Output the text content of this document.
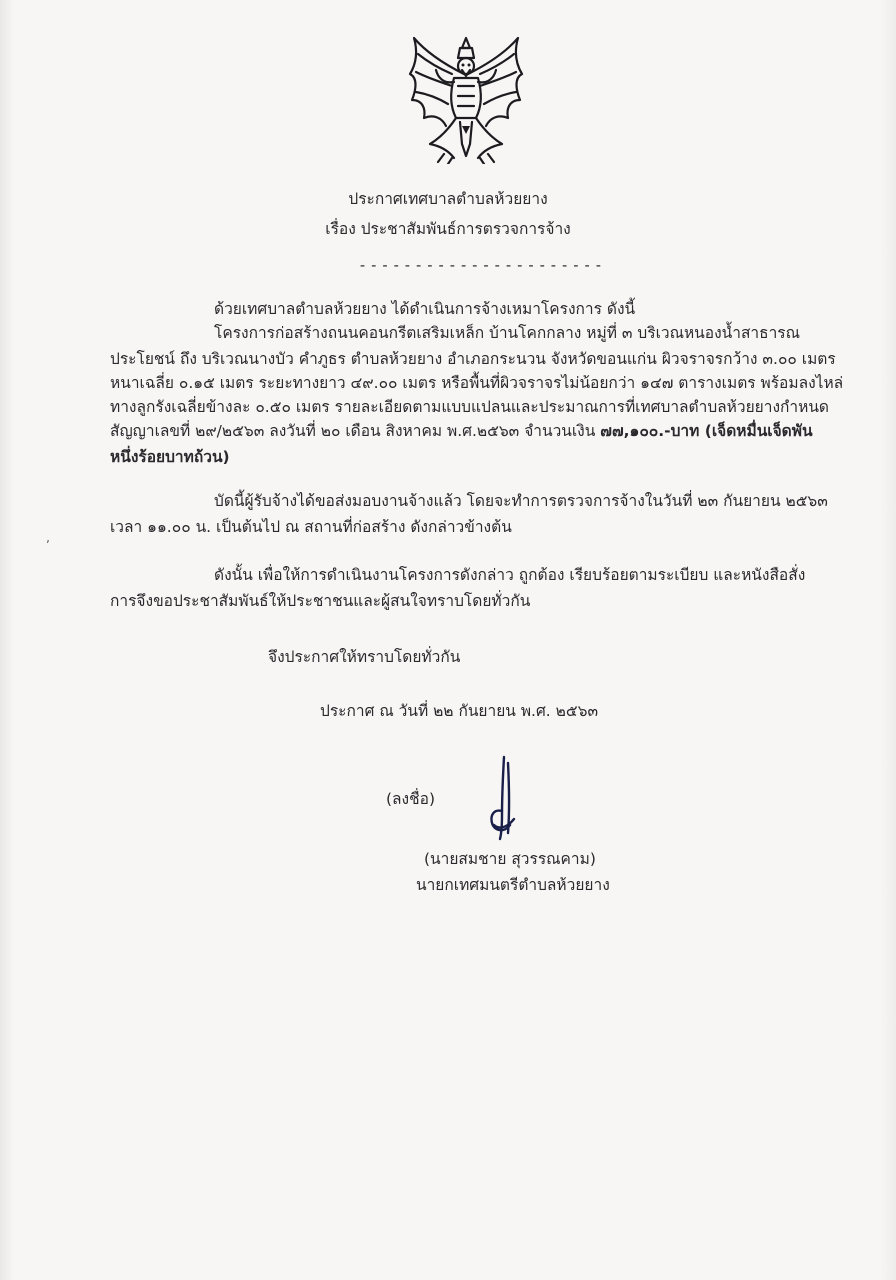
ประกาศเทศบาลตำบลห้วยยาง
เรื่อง ประชาสัมพันธ์การตรวจการจ้าง
----------------------
ด้วยเทศบาลตำบลห้วยยาง ได้ดำเนินการจ้างเหมาโครงการ ดังนี้
โครงการก่อสร้างถนนคอนกรีตเสริมเหล็ก บ้านโคกกลาง หมู่ที่ ๓ บริเวณหนองน้ำสาธารณ
ประโยชน์ ถึง บริเวณนางบัว คำภูธร ตำบลห้วยยาง อำเภอกระนวน จังหวัดขอนแก่น ผิวจราจรกว้าง ๓.๐๐ เมตร
หนาเฉลี่ย ๐.๑๕ เมตร ระยะทางยาว ๔๙.๐๐ เมตร หรือพื้นที่ผิวจราจรไม่น้อยกว่า ๑๔๗ ตารางเมตร พร้อมลงไหล่
ทางลูกรังเฉลี่ยข้างละ ๐.๕๐ เมตร รายละเอียดตามแบบแปลนและประมาณการที่เทศบาลตำบลห้วยยางกำหนด
สัญญาเลขที่ ๒๙/๒๕๖๓ ลงวันที่ ๒๐ เดือน สิงหาคม พ.ศ.๒๕๖๓ จำนวนเงิน ๗๗,๑๐๐.-บาท (เจ็ดหมื่นเจ็ดพัน
หนึ่งร้อยบาทถ้วน)
บัดนี้ผู้รับจ้างได้ขอส่งมอบงานจ้างแล้ว โดยจะทำการตรวจการจ้างในวันที่ ๒๓ กันยายน ๒๕๖๓
เวลา ๑๑.๐๐ น. เป็นต้นไป ณ สถานที่ก่อสร้าง ดังกล่าวข้างต้น
ʼ
ดังนั้น เพื่อให้การดำเนินงานโครงการดังกล่าว ถูกต้อง เรียบร้อยตามระเบียบ และหนังสือสั่ง
การจึงขอประชาสัมพันธ์ให้ประชาชนและผู้สนใจทราบโดยทั่วกัน
จึงประกาศให้ทราบโดยทั่วกัน
ประกาศ ณ วันที่ ๒๒ กันยายน พ.ศ. ๒๕๖๓
(ลงชื่อ)
(นายสมชาย สุวรรณคาม)
นายกเทศมนตรีตำบลห้วยยาง
